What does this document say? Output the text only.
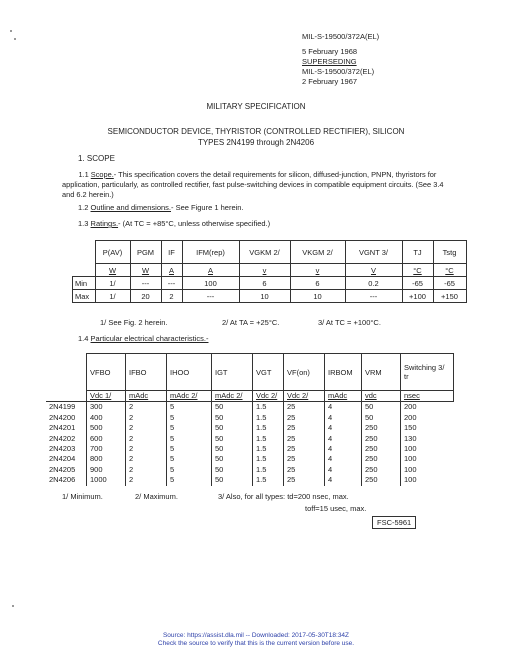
MIL-S-19500/372A(EL)
5 February 1968
SUPERSEDING
MIL-S-19500/372(EL)
2 February 1967
MILITARY SPECIFICATION
SEMICONDUCTOR DEVICE, THYRISTOR (CONTROLLED RECTIFIER), SILICON
TYPES 2N4199 through 2N4206
1. SCOPE
1.1 Scope.- This specification covers the detail requirements for silicon, diffused-junction, PNPN, thyristors for application, particularly, as controlled rectifier, fast pulse-switching devices in compatible equipment circuits. (See 3.4 and 6.2 herein.)
1.2 Outline and dimensions.- See Figure 1 herein.
1.3 Ratings.- (At TC = +85°C, unless otherwise specified.)
	P(AV)	PGM	IF	IFM(rep)	VGKM 2/	VKGM 2/	VGNT 3/	TJ	Tstg
	W	W	A	A	v	v	V	°C	°C
Min	1/	---	---	100	6	6	0.2	-65	-65
Max	1/	20	2	---	10	10	---	+100	+150
1/ See Fig. 2 herein.	2/ At TA = +25°C.	3/ At TC = +100°C.
1.4 Particular electrical characteristics.-
	VFBO	IFBO	IHOO	IGT	VGT	VF(on)	IRBOM	VRM	Switching 3/ tr
	Vdc 1/	mAdc	mAdc 2/	mAdc 2/	Vdc 2/	Vdc 2/	mAdc	vdc	nsec
2N4199	300	2	5	50	1.5	25	4	50	200
2N4200	400	2	5	50	1.5	25	4	50	200
2N4201	500	2	5	50	1.5	25	4	250	150
2N4202	600	2	5	50	1.5	25	4	250	130
2N4203	700	2	5	50	1.5	25	4	250	100
2N4204	800	2	5	50	1.5	25	4	250	100
2N4205	900	2	5	50	1.5	25	4	250	100
2N4206	1000	2	5	50	1.5	25	4	250	100
1/ Minimum.	2/ Maximum.	3/ Also, for all types: td=200 nsec, max.
toff=15 usec, max.
FSC-5961
Source: https://assist.dla.mil -- Downloaded: 2017-05-30T18:34Z
Check the source to verify that this is the current version before use.
